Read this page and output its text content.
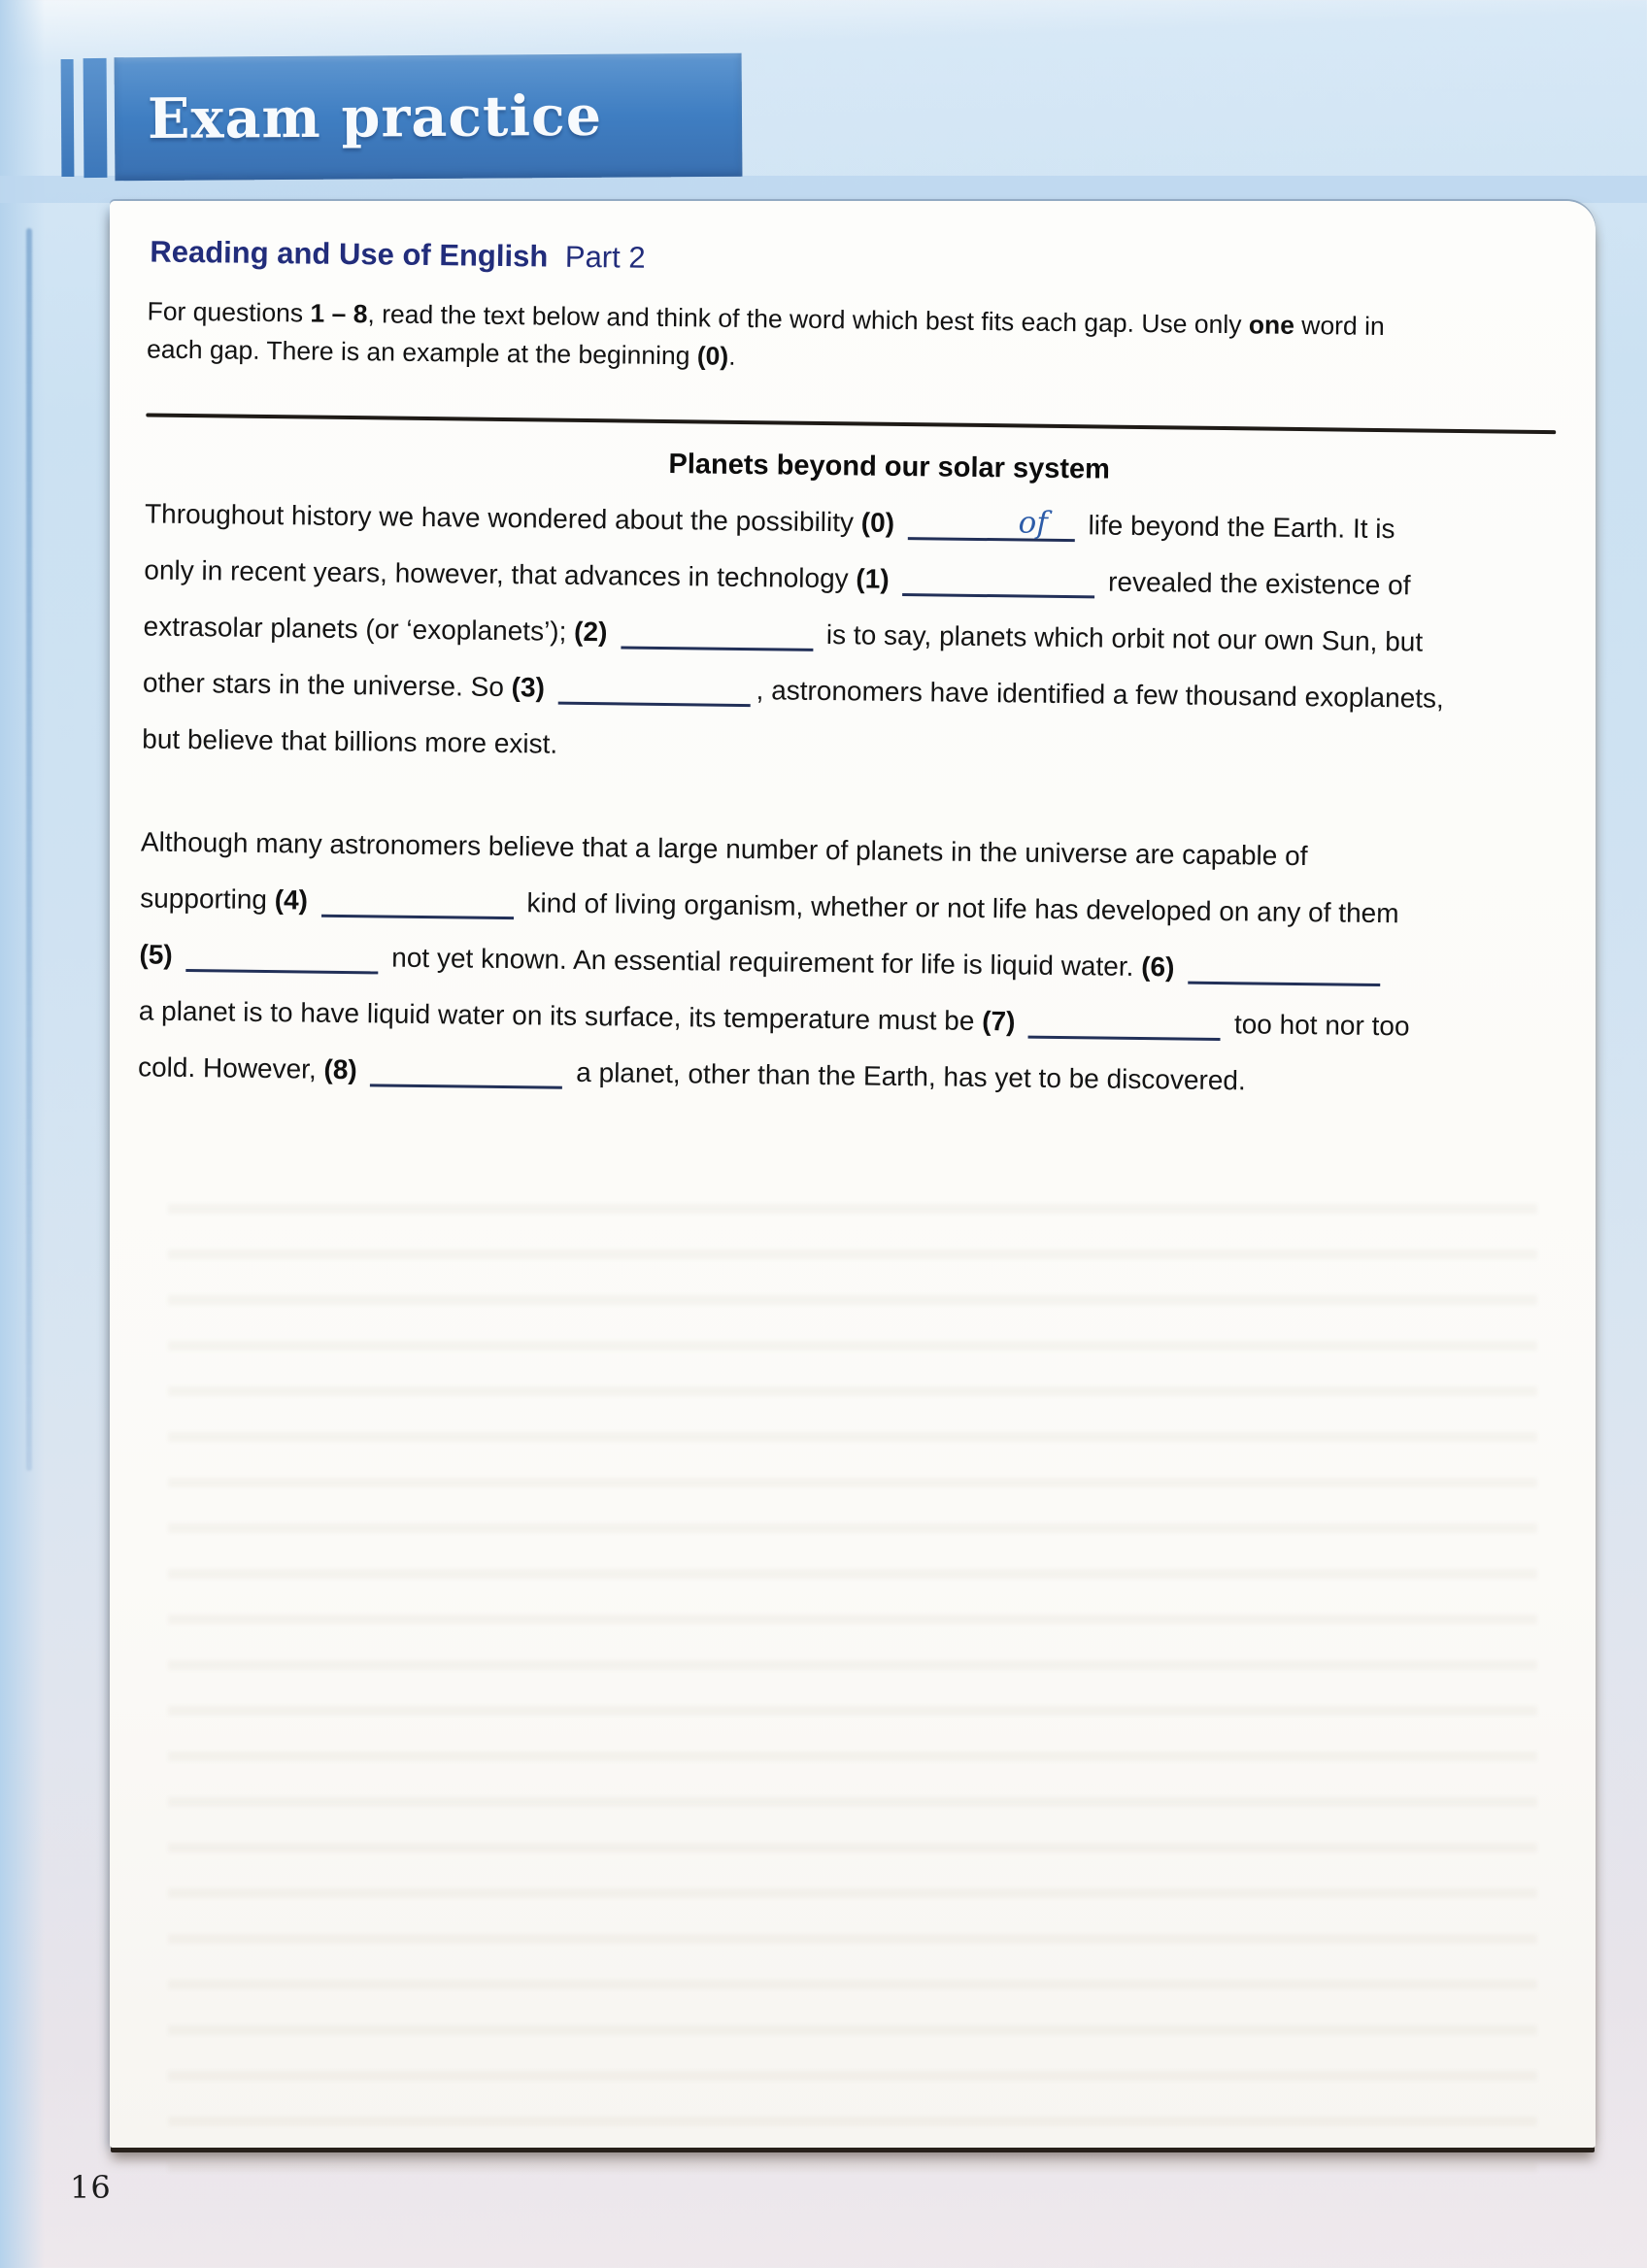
Exam practice
Reading and Use of English Part 2
For questions 1 – 8, read the text below and think of the word which best fits each gap. Use only one word in
each gap. There is an example at the beginning (0).
Planets beyond our solar system
Throughout history we have wondered about the possibility (0)	of life beyond the Earth. It is
only in recent years, however, that advances in technology (1)	revealed the existence of
extrasolar planets (or ‘exoplanets’); (2)	is to say, planets which orbit not our own Sun, but
other stars in the universe. So (3)	, astronomers have identified a few thousand exoplanets,
but believe that billions more exist.
Although many astronomers believe that a large number of planets in the universe are capable of
supporting (4)	kind of living organism, whether or not life has developed on any of them
(5)	not yet known. An essential requirement for life is liquid water. (6)
a planet is to have liquid water on its surface, its temperature must be (7)	too hot nor too
cold. However, (8)	a planet, other than the Earth, has yet to be discovered.
16
